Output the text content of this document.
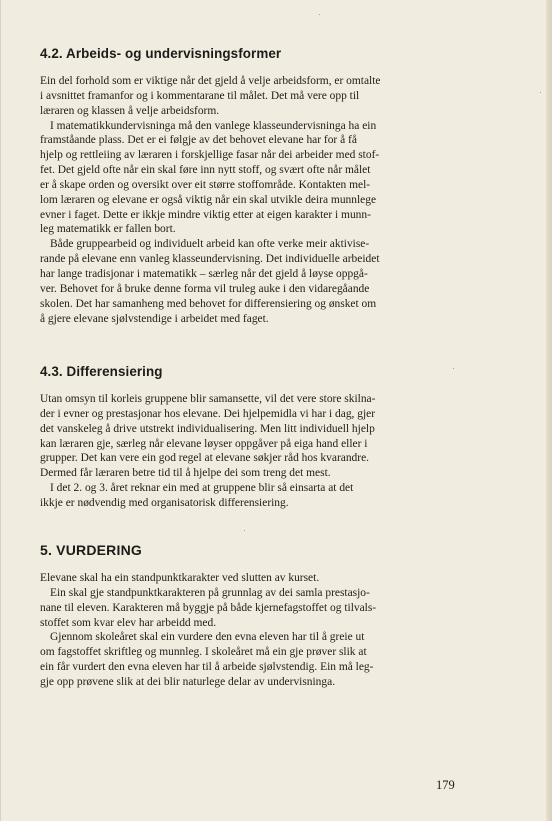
4.2. Arbeids- og undervisningsformer

Ein del forhold som er viktige når det gjeld å velje arbeidsform, er omtalte
i avsnittet framanfor og i kommentarane til målet. Det må vere opp til
læraren og klassen å velje arbeidsform.

I matematikkundervisninga må den vanlege klasseundervisninga ha ein
framståande plass. Det er ei følgje av det behovet elevane har for å få
hjelp og rettleiing av læraren i forskjellige fasar når dei arbeider med stof-
fet. Det gjeld ofte når ein skal føre inn nytt stoff, og svært ofte når målet
er å skape orden og oversikt over eit større stoffområde. Kontakten mel-
lom læraren og elevane er også viktig når ein skal utvikle deira munnlege
evner i faget. Dette er ikkje mindre viktig etter at eigen karakter i munn-
leg matematikk er fallen bort.

Både gruppearbeid og individuelt arbeid kan ofte verke meir aktivise-
rande på elevane enn vanleg klasseundervisning. Det individuelle arbeidet
har lange tradisjonar i matematikk – særleg når det gjeld å løyse oppgå-
ver. Behovet for å bruke denne forma vil truleg auke i den vidaregåande
skolen. Det har samanheng med behovet for differensiering og ønsket om
å gjere elevane sjølvstendige i arbeidet med faget.

4.3. Differensiering

Utan omsyn til korleis gruppene blir samansette, vil det vere store skilna-
der i evner og prestasjonar hos elevane. Dei hjelpemidla vi har i dag, gjer
det vanskeleg å drive utstrekt individualisering. Men litt individuell hjelp
kan læraren gje, særleg når elevane løyser oppgåver på eiga hand eller i
grupper. Det kan vere ein god regel at elevane søkjer råd hos kvarandre.
Dermed får læraren betre tid til å hjelpe dei som treng det mest.

I det 2. og 3. året reknar ein med at gruppene blir så einsarta at det
ikkje er nødvendig med organisatorisk differensiering.

5. VURDERING

Elevane skal ha ein standpunktkarakter ved slutten av kurset.

Ein skal gje standpunktkarakteren på grunnlag av dei samla prestasjo-
nane til eleven. Karakteren må byggje på både kjernefagstoffet og tilvals-
stoffet som kvar elev har arbeidd med.

Gjennom skoleåret skal ein vurdere den evna eleven har til å greie ut
om fagstoffet skriftleg og munnleg. I skoleåret må ein gje prøver slik at
ein får vurdert den evna eleven har til å arbeide sjølvstendig. Ein må leg-
gje opp prøvene slik at dei blir naturlege delar av undervisninga.

179
